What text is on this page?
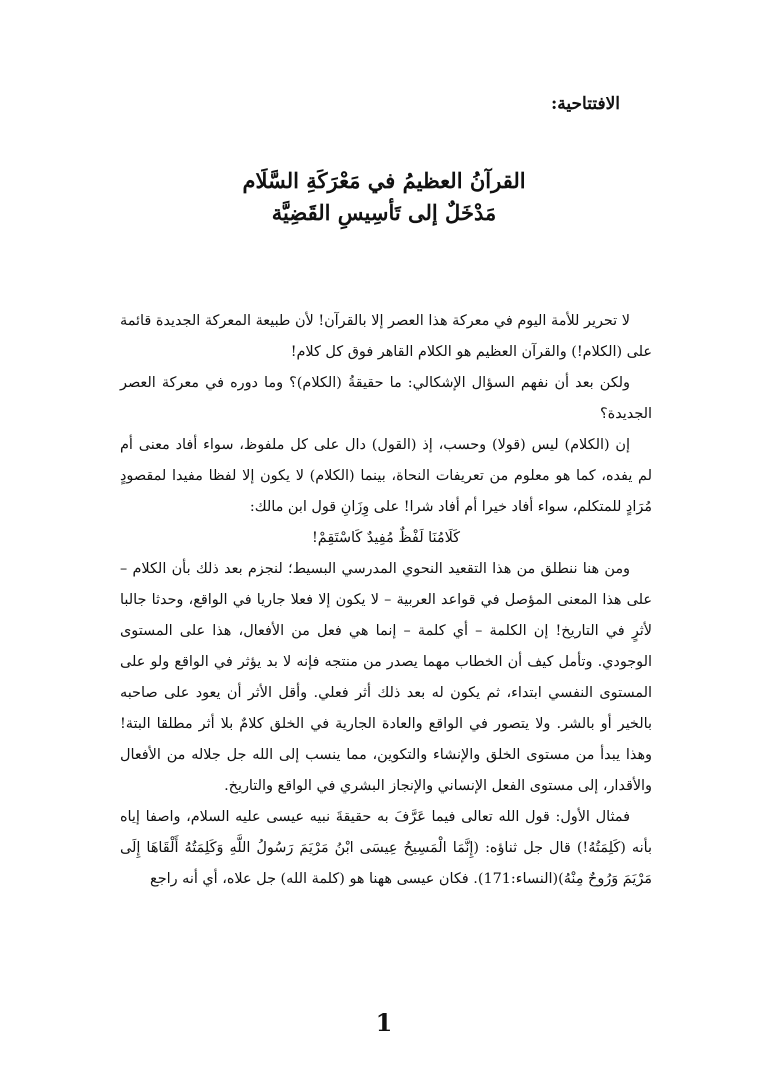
الافتتاحية:
القرآنُ العظيمُ في مَعْرَكَةِ السَّلَام
مَدْخَلٌ إلى تَأسِيسِ القَضِيَّة

لا تحرير للأمة اليوم في معركة هذا العصر إلا بالقرآن! لأن طبيعة المعركة الجديدة قائمة على (الكلام!) والقرآن العظيم هو الكلام القاهر فوق كل كلام!

ولكن بعد أن نفهم السؤال الإشكالي: ما حقيقةُ (الكلام)؟ وما دوره في معركة العصر الجديدة؟

إن (الكلام) ليس (قولا) وحسب، إذ (القول) دال على كل ملفوظ، سواء أفاد معنى أم لم يفده، كما هو معلوم من تعريفات النحاة، بينما (الكلام) لا يكون إلا لفظا مفيدا لمقصودٍ مُرَادٍ للمتكلم، سواء أفاد خيرا أم أفاد شرا! على وِزَانِ قول ابن مالك:

كَلَامُنَا لَفْظٌ مُفِيدٌ كَاسْتَقِمْ!

ومن هنا ننطلق من هذا التقعيد النحوي المدرسي البسيط؛ لنجزم بعد ذلك بأن الكلام – على هذا المعنى المؤصل في قواعد العربية – لا يكون إلا فعلا جاريا في الواقع، وحدثا جالبا لأثرٍ في التاريخ! إن الكلمة – أي كلمة – إنما هي فعل من الأفعال، هذا على المستوى الوجودي. وتأمل كيف أن الخطاب مهما يصدر من منتجه فإنه لا بد يؤثر في الواقع ولو على المستوى النفسي ابتداء، ثم يكون له بعد ذلك أثر فعلي. وأقل الأثر أن يعود على صاحبه بالخير أو بالشر. ولا يتصور في الواقع والعادة الجارية في الخلق كلامٌ بلا أثر مطلقا البتة! وهذا يبدأ من مستوى الخلق والإنشاء والتكوين، مما ينسب إلى الله جل جلاله من الأفعال والأقدار، إلى مستوى الفعل الإنساني والإنجاز البشري في الواقع والتاريخ.

فمثال الأول: قول الله تعالى فيما عَرَّفَ به حقيقةَ نبيه عيسى عليه السلام، واصفا إياه بأنه (كَلِمَتُهُ!) قال جل ثناؤه: (إِنَّمَا الْمَسِيحُ عِيسَى ابْنُ مَرْيَمَ رَسُولُ اللَّهِ وَكَلِمَتُهُ أَلْقَاهَا إِلَى مَرْيَمَ وَرُوحٌ مِنْهُ)(النساء:171). فكان عيسى ههنا هو (كلمة الله) جل علاه، أي أنه راجع

1
